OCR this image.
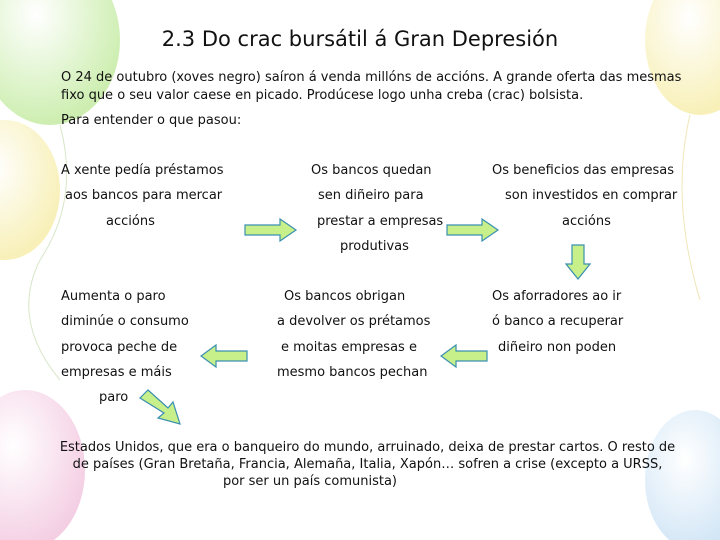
2.3 Do crac bursátil á Gran Depresión
O 24 de outubro (xoves negro) saíron á venda millóns de accións. A grande oferta das mesmas
fixo que o seu valor caese en picado. Prodúcese logo unha creba (crac) bolsista.
Para entender o que pasou:
A xente pedía préstamos
aos bancos para mercar
accións
Os bancos quedan
sen diñeiro para
prestar a empresas
produtivas
Os beneficios das empresas
son investidos en comprar
accións
Aumenta o paro
diminúe o consumo
provoca peche de
empresas e máis
paro
Os bancos obrigan
a devolver os prétamos
e moitas empresas e
mesmo bancos pechan
Os aforradores ao ir
ó banco a recuperar
diñeiro non poden
Estados Unidos, que era o banqueiro do mundo, arruinado, deixa de prestar cartos. O resto de
de países (Gran Bretaña, Francia, Alemaña, Italia, Xapón… sofren a crise (excepto a URSS,
por ser un país comunista)
